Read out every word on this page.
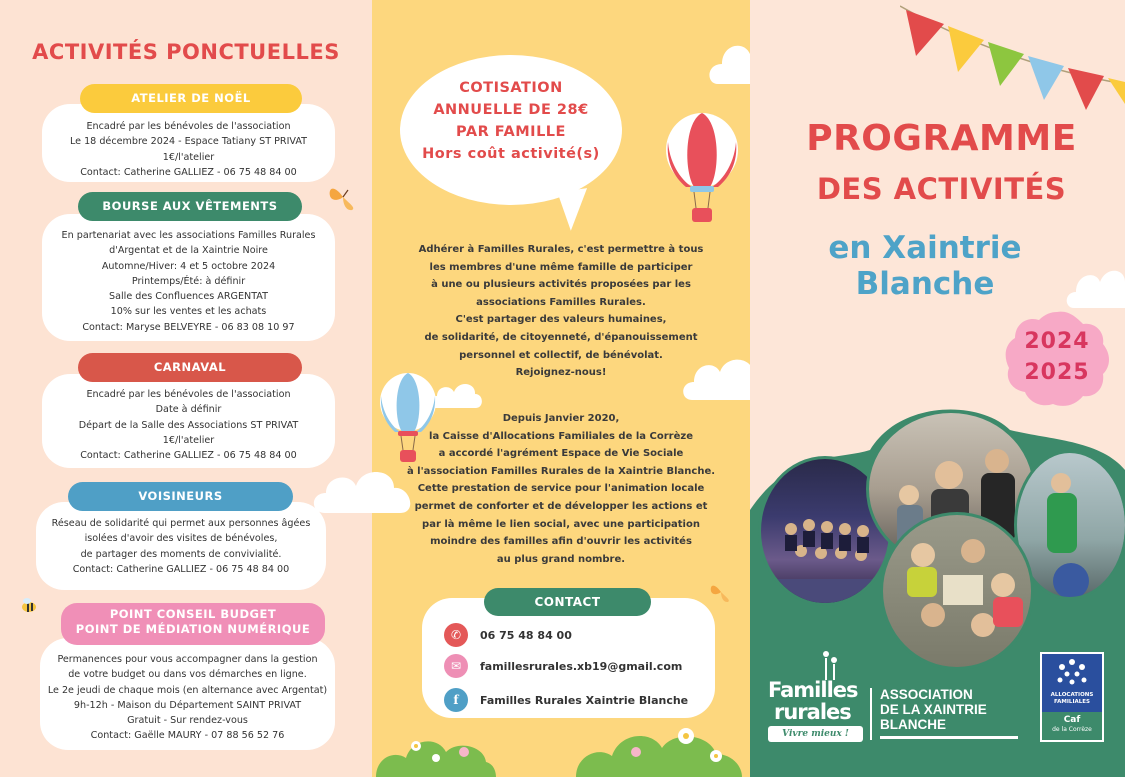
ACTIVITÉS PONCTUELLES
ATELIER DE NOËL
Encadré par les bénévoles de l'association
Le 18 décembre 2024 - Espace Tatiany ST PRIVAT
1€/l'atelier
Contact: Catherine GALLIEZ - 06 75 48 84 00
BOURSE AUX VÊTEMENTS
En partenariat avec les associations Familles Rurales
d'Argentat et de la Xaintrie Noire
Automne/Hiver: 4 et 5 octobre 2024
Printemps/Été: à définir
Salle des Confluences ARGENTAT
10% sur les ventes et les achats
Contact: Maryse BELVEYRE - 06 83 08 10 97
CARNAVAL
Encadré par les bénévoles de l'association
Date à définir
Départ de la Salle des Associations ST PRIVAT
1€/l'atelier
Contact: Catherine GALLIEZ - 06 75 48 84 00
VOISINEURS
Réseau de solidarité qui permet aux personnes âgées
isolées d'avoir des visites de bénévoles,
de partager des moments de convivialité.
Contact: Catherine GALLIEZ - 06 75 48 84 00
POINT CONSEIL BUDGET
POINT DE MÉDIATION NUMÉRIQUE
Permanences pour vous accompagner dans la gestion
de votre budget ou dans vos démarches en ligne.
Le 2e jeudi de chaque mois (en alternance avec Argentat)
9h-12h - Maison du Département SAINT PRIVAT
Gratuit - Sur rendez-vous
Contact: Gaëlle MAURY - 07 88 56 52 76
COTISATION
ANNUELLE DE 28€
PAR FAMILLE
Hors coût activité(s)
Adhérer à Familles Rurales, c'est permettre à tous
les membres d'une même famille de participer
à une ou plusieurs activités proposées par les
associations Familles Rurales.
C'est partager des valeurs humaines,
de solidarité, de citoyenneté, d'épanouissement
personnel et collectif, de bénévolat.
Rejoignez-nous!
Depuis Janvier 2020,
la Caisse d'Allocations Familiales de la Corrèze
a accordé l'agrément Espace de Vie Sociale
à l'association Familles Rurales de la Xaintrie Blanche.
Cette prestation de service pour l'animation locale
permet de conforter et de développer les actions et
par là même le lien social, avec une participation
moindre des familles afin d'ouvrir les activités
au plus grand nombre.
CONTACT
✆	06 75 48 84 00
✉	famillesrurales.xb19@gmail.com
f	Familles Rurales Xaintrie Blanche
PROGRAMME
DES ACTIVITÉS
en Xaintrie
Blanche
2024
2025
Familles
rurales
Vivre mieux !
ASSOCIATION
DE LA XAINTRIE
BLANCHE
ALLOCATIONS
FAMILIALES
Caf
de la Corrèze
